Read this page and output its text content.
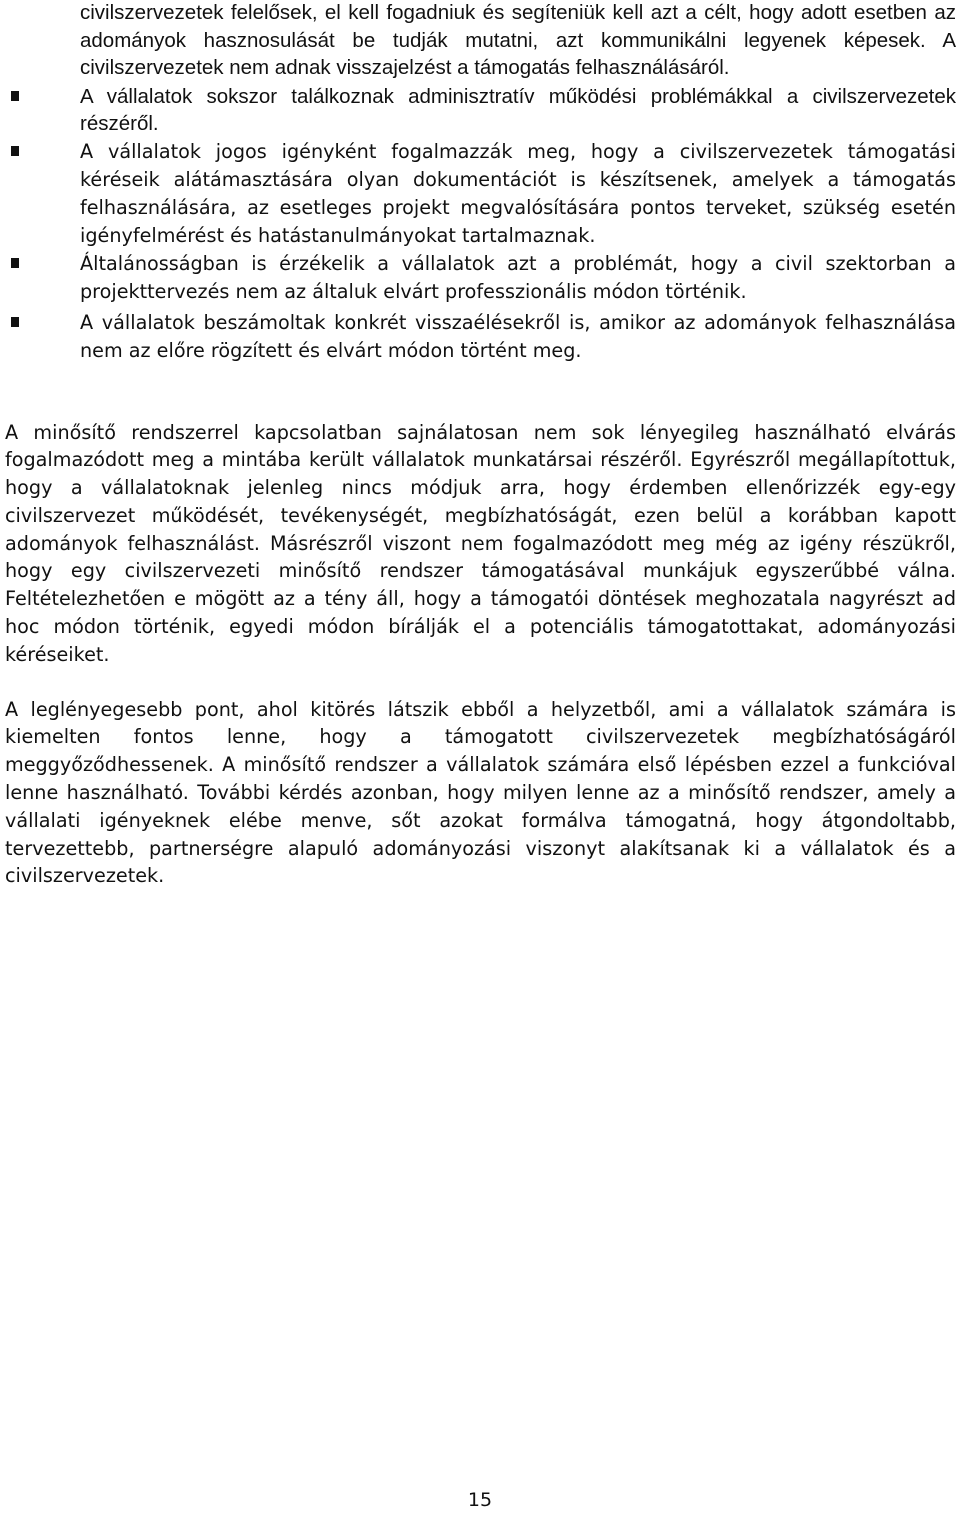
civilszervezetek felelősek, el kell fogadniuk és segíteniük kell azt a célt, hogy adott esetben az adományok hasznosulását be tudják mutatni, azt kommunikálni legyenek képesek. A civilszervezetek nem adnak visszajelzést a támogatás felhasználásáról.
A vállalatok sokszor találkoznak adminisztratív működési problémákkal a civilszervezetek részéről.
A vállalatok jogos igényként fogalmazzák meg, hogy a civilszervezetek támogatási kéréseik alátámasztására olyan dokumentációt is készítsenek, amelyek a támogatás felhasználására, az esetleges projekt megvalósítására pontos terveket, szükség esetén igényfelmérést és hatástanulmányokat tartalmaznak.
Általánosságban is érzékelik a vállalatok azt a problémát, hogy a civil szektorban a projekttervezés nem az általuk elvárt professzionális módon történik.
A vállalatok beszámoltak konkrét visszaélésekről is, amikor az adományok felhasználása nem az előre rögzített és elvárt módon történt meg.

A minősítő rendszerrel kapcsolatban sajnálatosan nem sok lényegileg használható elvárás fogalmazódott meg a mintába került vállalatok munkatársai részéről. Egyrészről megállapítottuk, hogy a vállalatoknak jelenleg nincs módjuk arra, hogy érdemben ellenőrizzék egy-egy civilszervezet működését, tevékenységét, megbízhatóságát, ezen belül a korábban kapott adományok felhasználást. Másrészről viszont nem fogalmazódott meg még az igény részükről, hogy egy civilszervezeti minősítő rendszer támogatásával munkájuk egyszerűbbé válna. Feltételezhetően e mögött az a tény áll, hogy a támogatói döntések meghozatala nagyrészt ad hoc módon történik, egyedi módon bírálják el a potenciális támogatottakat, adományozási kéréseiket.

A leglényegesebb pont, ahol kitörés látszik ebből a helyzetből, ami a vállalatok számára is kiemelten fontos lenne, hogy a támogatott civilszervezetek megbízhatóságáról meggyőződhessenek. A minősítő rendszer a vállalatok számára első lépésben ezzel a funkcióval lenne használható. További kérdés azonban, hogy milyen lenne az a minősítő rendszer, amely a vállalati igényeknek elébe menve, sőt azokat formálva támogatná, hogy átgondoltabb, tervezettebb, partnerségre alapuló adományozási viszonyt alakítsanak ki a vállalatok és a civilszervezetek.

15
